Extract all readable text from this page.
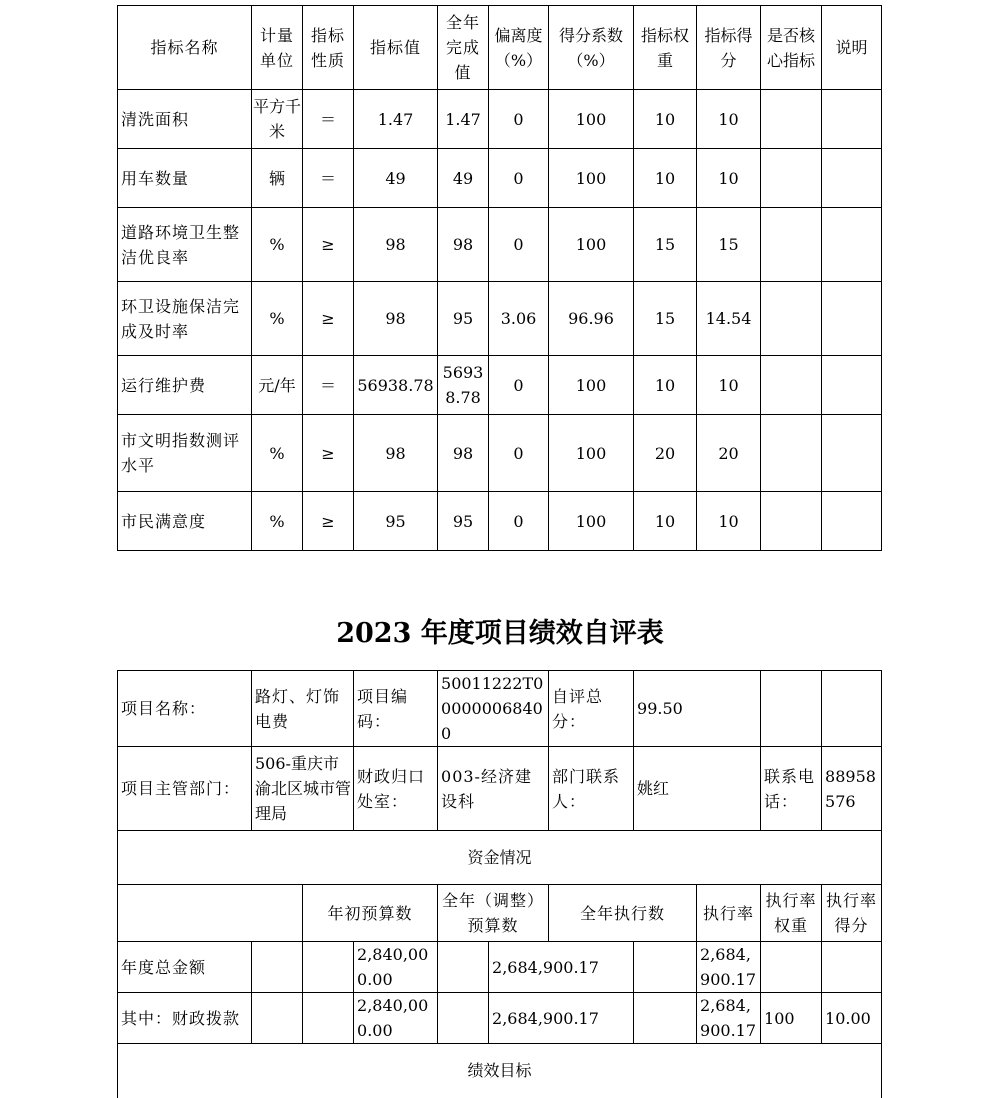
指标名称	计量单位	指标性质	指标值	全年完成值	偏离度（%）	得分系数（%）	指标权重	指标得分	是否核心指标	说明
清洗面积	平方千米	＝	1.47	1.47	0	100	10	10		
用车数量	辆	＝	49	49	0	100	10	10		
道路环境卫生整洁优良率	%	≥	98	98	0	100	15	15		
环卫设施保洁完成及时率	%	≥	98	95	3.06	96.96	15	14.54		
运行维护费	元/年	＝	56938.78	56938.78	0	100	10	10		
市文明指数测评水平	%	≥	98	98	0	100	20	20		
市民满意度	%	≥	95	95	0	100	10	10		
2023 年度项目绩效自评表
项目名称：	路灯、灯饰电费		项目编码：	50011222T000000068400		自评总分：	99.50				
项目主管部门：	506-重庆市渝北区城市管理局		财政归口处室：	003-经济建设科		部门联系人：	姚红		联系电话：	88958576	
资金情况											
		年初预算数		全年（调整）预算数		全年执行数		执行率	执行率权重	执行率得分	
年度总金额			2,840,000.00		2,684,900.17			2,684,900.17			
其中：财政拨款			2,840,000.00		2,684,900.17			2,684,900.17	100	10.00	
绩效目标											
